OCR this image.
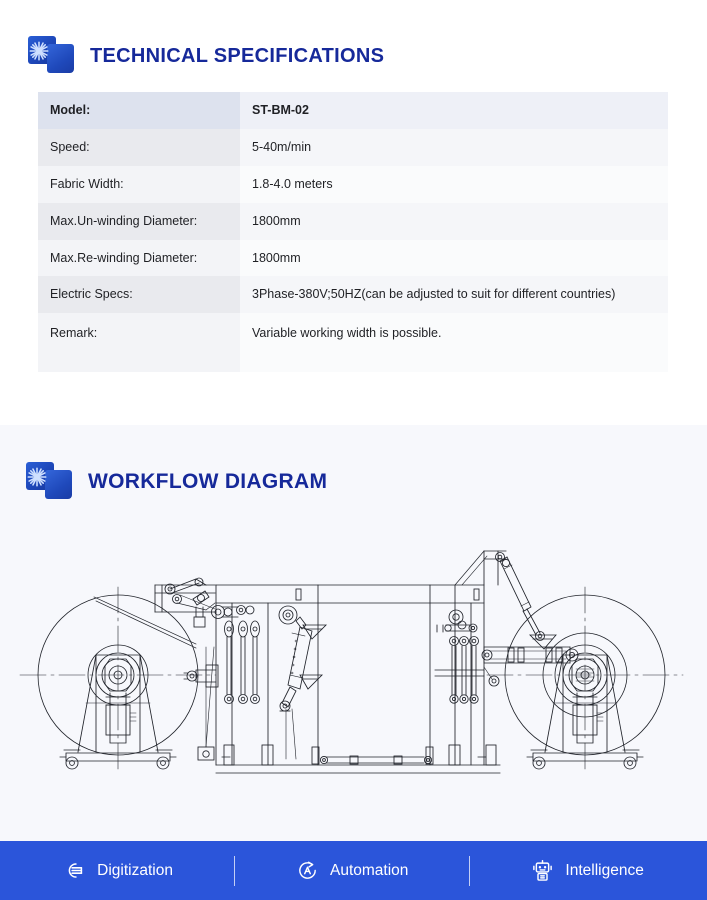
TECHNICAL SPECIFICATIONS
Model:	ST-BM-02
Speed:	5-40m/min
Fabric Width:	1.8-4.0 meters
Max.Un-winding Diameter:	1800mm
Max.Re-winding Diameter:	1800mm
Electric Specs:	3Phase-380V;50HZ(can be adjusted to suit for different countries)
Remark:	Variable working width is possible.
WORKFLOW DIAGRAM
Digitization	Automation	Intelligence
